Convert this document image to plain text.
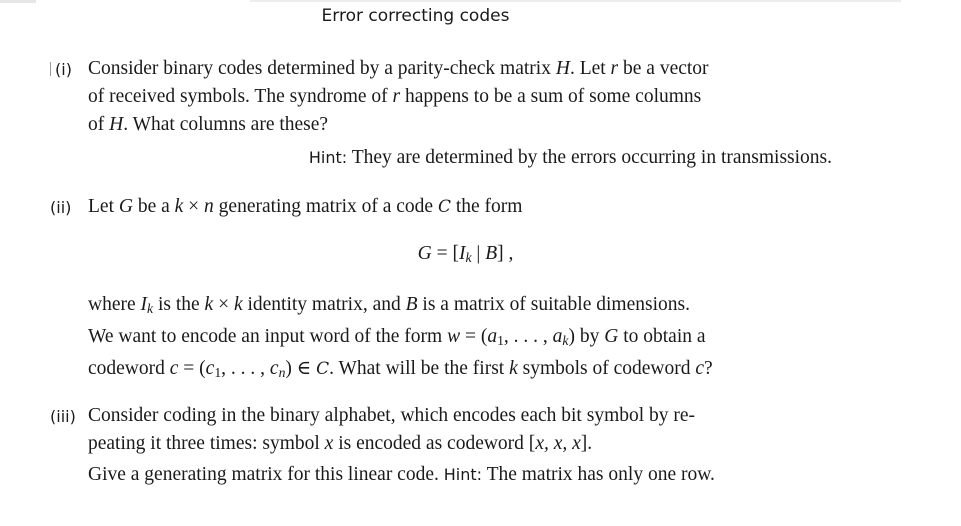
Error correcting codes
(i) Consider binary codes determined by a parity-check matrix H. Let r be a vector
of received symbols. The syndrome of r happens to be a sum of some columns
of H. What columns are these?
Hint: They are determined by the errors occurring in transmissions.
(ii) Let G be a k × n generating matrix of a code C the form
$G = [I_k$ | B] ,
where $I_k$ is the k × k identity matrix, and B is a matrix of suitable dimensions.
We want to encode an input word of the form $w = (a_1$, . . . , $a_k$) by G to obtain a
codeword $c = (c_1$, . . . , $c_n$) ∈ C. What will be the first k symbols of codeword c?
(iii) Consider coding in the binary alphabet, which encodes each bit symbol by re-
peating it three times: symbol x is encoded as codeword [x, x, x].
Give a generating matrix for this linear code. Hint: The matrix has only one row.
